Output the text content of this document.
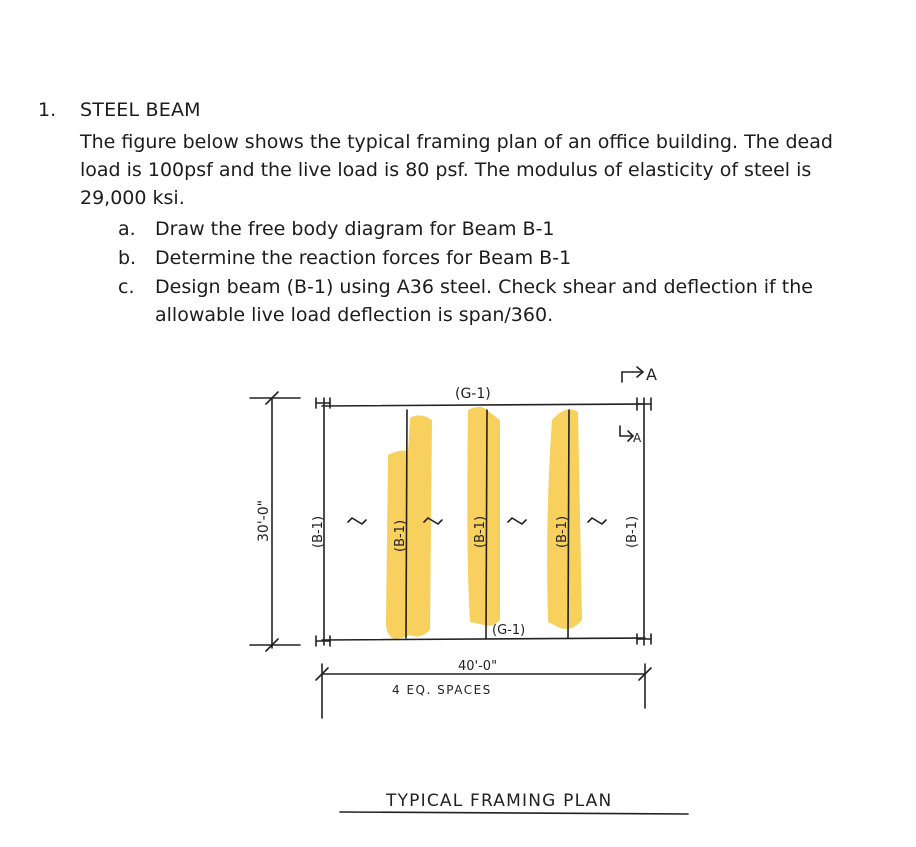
1. STEEL BEAM
The figure below shows the typical framing plan of an office building. The dead
load is 100psf and the live load is 80 psf. The modulus of elasticity of steel is
29,000 ksi.
a. Draw the free body diagram for Beam B-1
b. Determine the reaction forces for Beam B-1
c. Design beam (B-1) using A36 steel. Check shear and deflection if the
allowable live load deflection is span/360.
(G-1)
(G-1)
(B-1)	(B-1)	(B-1)	(B-1)	(B-1)
30'-0"
40'-0"
4 EQ. SPACES
A
A
TYPICAL FRAMING PLAN
